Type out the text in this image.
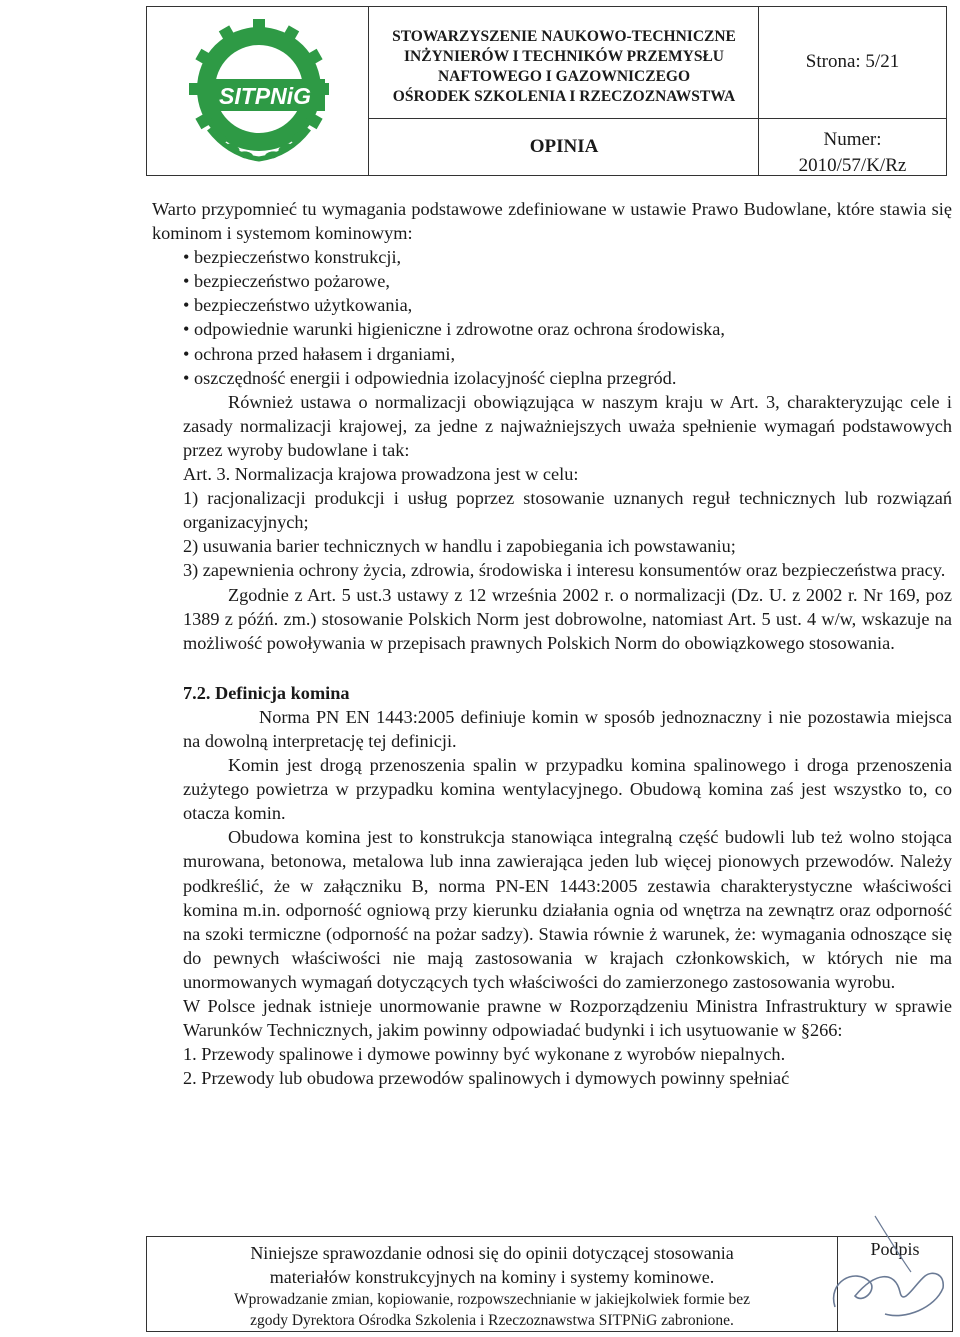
SITPNiG
STOWARZYSZENIE NAUKOWO-TECHNICZNE
INŻYNIERÓW I TECHNIKÓW PRZEMYSŁU
NAFTOWEGO I GAZOWNICZEGO
OŚRODEK SZKOLENIA I RZECZOZNAWSTWA
Strona: 5/21
OPINIA	Numer:
2010/57/K/Rz

Warto przypomnieć tu wymagania podstawowe zdefiniowane w ustawie Prawo Budowlane, które stawia się kominom i systemom kominowym:

• bezpieczeństwo konstrukcji,

• bezpieczeństwo pożarowe,

• bezpieczeństwo użytkowania,

• odpowiednie warunki higieniczne i zdrowotne oraz ochrona środowiska,

• ochrona przed hałasem i drganiami,

• oszczędność energii i odpowiednia izolacyjność cieplna przegród.

Również ustawa o normalizacji obowiązująca w naszym kraju w Art. 3, charakteryzując cele i zasady normalizacji krajowej, za jedne z najważniejszych uważa spełnienie wymagań podstawowych przez wyroby budowlane i tak:

Art. 3. Normalizacja krajowa prowadzona jest w celu:

1) racjonalizacji produkcji i usług poprzez stosowanie uznanych reguł technicznych lub rozwiązań organizacyjnych;

2) usuwania barier technicznych w handlu i zapobiegania ich powstawaniu;

3) zapewnienia ochrony życia, zdrowia, środowiska i interesu konsumentów oraz bezpieczeństwa pracy.

Zgodnie z Art. 5 ust.3 ustawy z 12 września 2002 r. o normalizacji (Dz. U. z 2002 r. Nr 169, poz 1389 z późń. zm.) stosowanie Polskich Norm jest dobrowolne, natomiast Art. 5 ust. 4 w/w, wskazuje na możliwość powoływania w przepisach prawnych Polskich Norm do obowiązkowego stosowania.

7.2. Definicja komina

Norma PN EN 1443:2005 definiuje komin w sposób jednoznaczny i nie pozostawia miejsca na dowolną interpretację tej definicji.

Komin jest drogą przenoszenia spalin w przypadku komina spalinowego i droga przenoszenia zużytego powietrza w przypadku komina wentylacyjnego. Obudową komina zaś jest wszystko to, co otacza komin.

Obudowa komina jest to konstrukcja stanowiąca integralną część budowli lub też wolno stojąca murowana, betonowa, metalowa lub inna zawierająca jeden lub więcej pionowych przewodów. Należy podkreślić, że w załączniku B, norma PN-EN 1443:2005 zestawia charakterystyczne właściwości komina m.in. odporność ogniową przy kierunku działania ognia od wnętrza na zewnątrz oraz odporność na szoki termiczne (odporność na pożar sadzy). Stawia równie ż warunek, że: wymagania odnoszące się do pewnych właściwości nie mają zastosowania w krajach członkowskich, w których nie ma unormowanych wymagań dotyczących tych właściwości do zamierzonego zastosowania wyrobu.

W Polsce jednak istnieje unormowanie prawne w Rozporządzeniu Ministra Infrastruktury w sprawie Warunków Technicznych, jakim powinny odpowiadać budynki i ich usytuowanie w §266:

1. Przewody spalinowe i dymowe powinny być wykonane z wyrobów niepalnych.

2. Przewody lub obudowa przewodów spalinowych i dymowych powinny spełniać

Niniejsze sprawozdanie odnosi się do opinii dotyczącej stosowania
materiałów konstrukcyjnych na kominy i systemy kominowe.
Wprowadzanie zmian, kopiowanie, rozpowszechnianie w jakiejkolwiek formie bez
zgody Dyrektora Ośrodka Szkolenia i Rzeczoznawstwa SITPNiG zabronione.
Podpis
